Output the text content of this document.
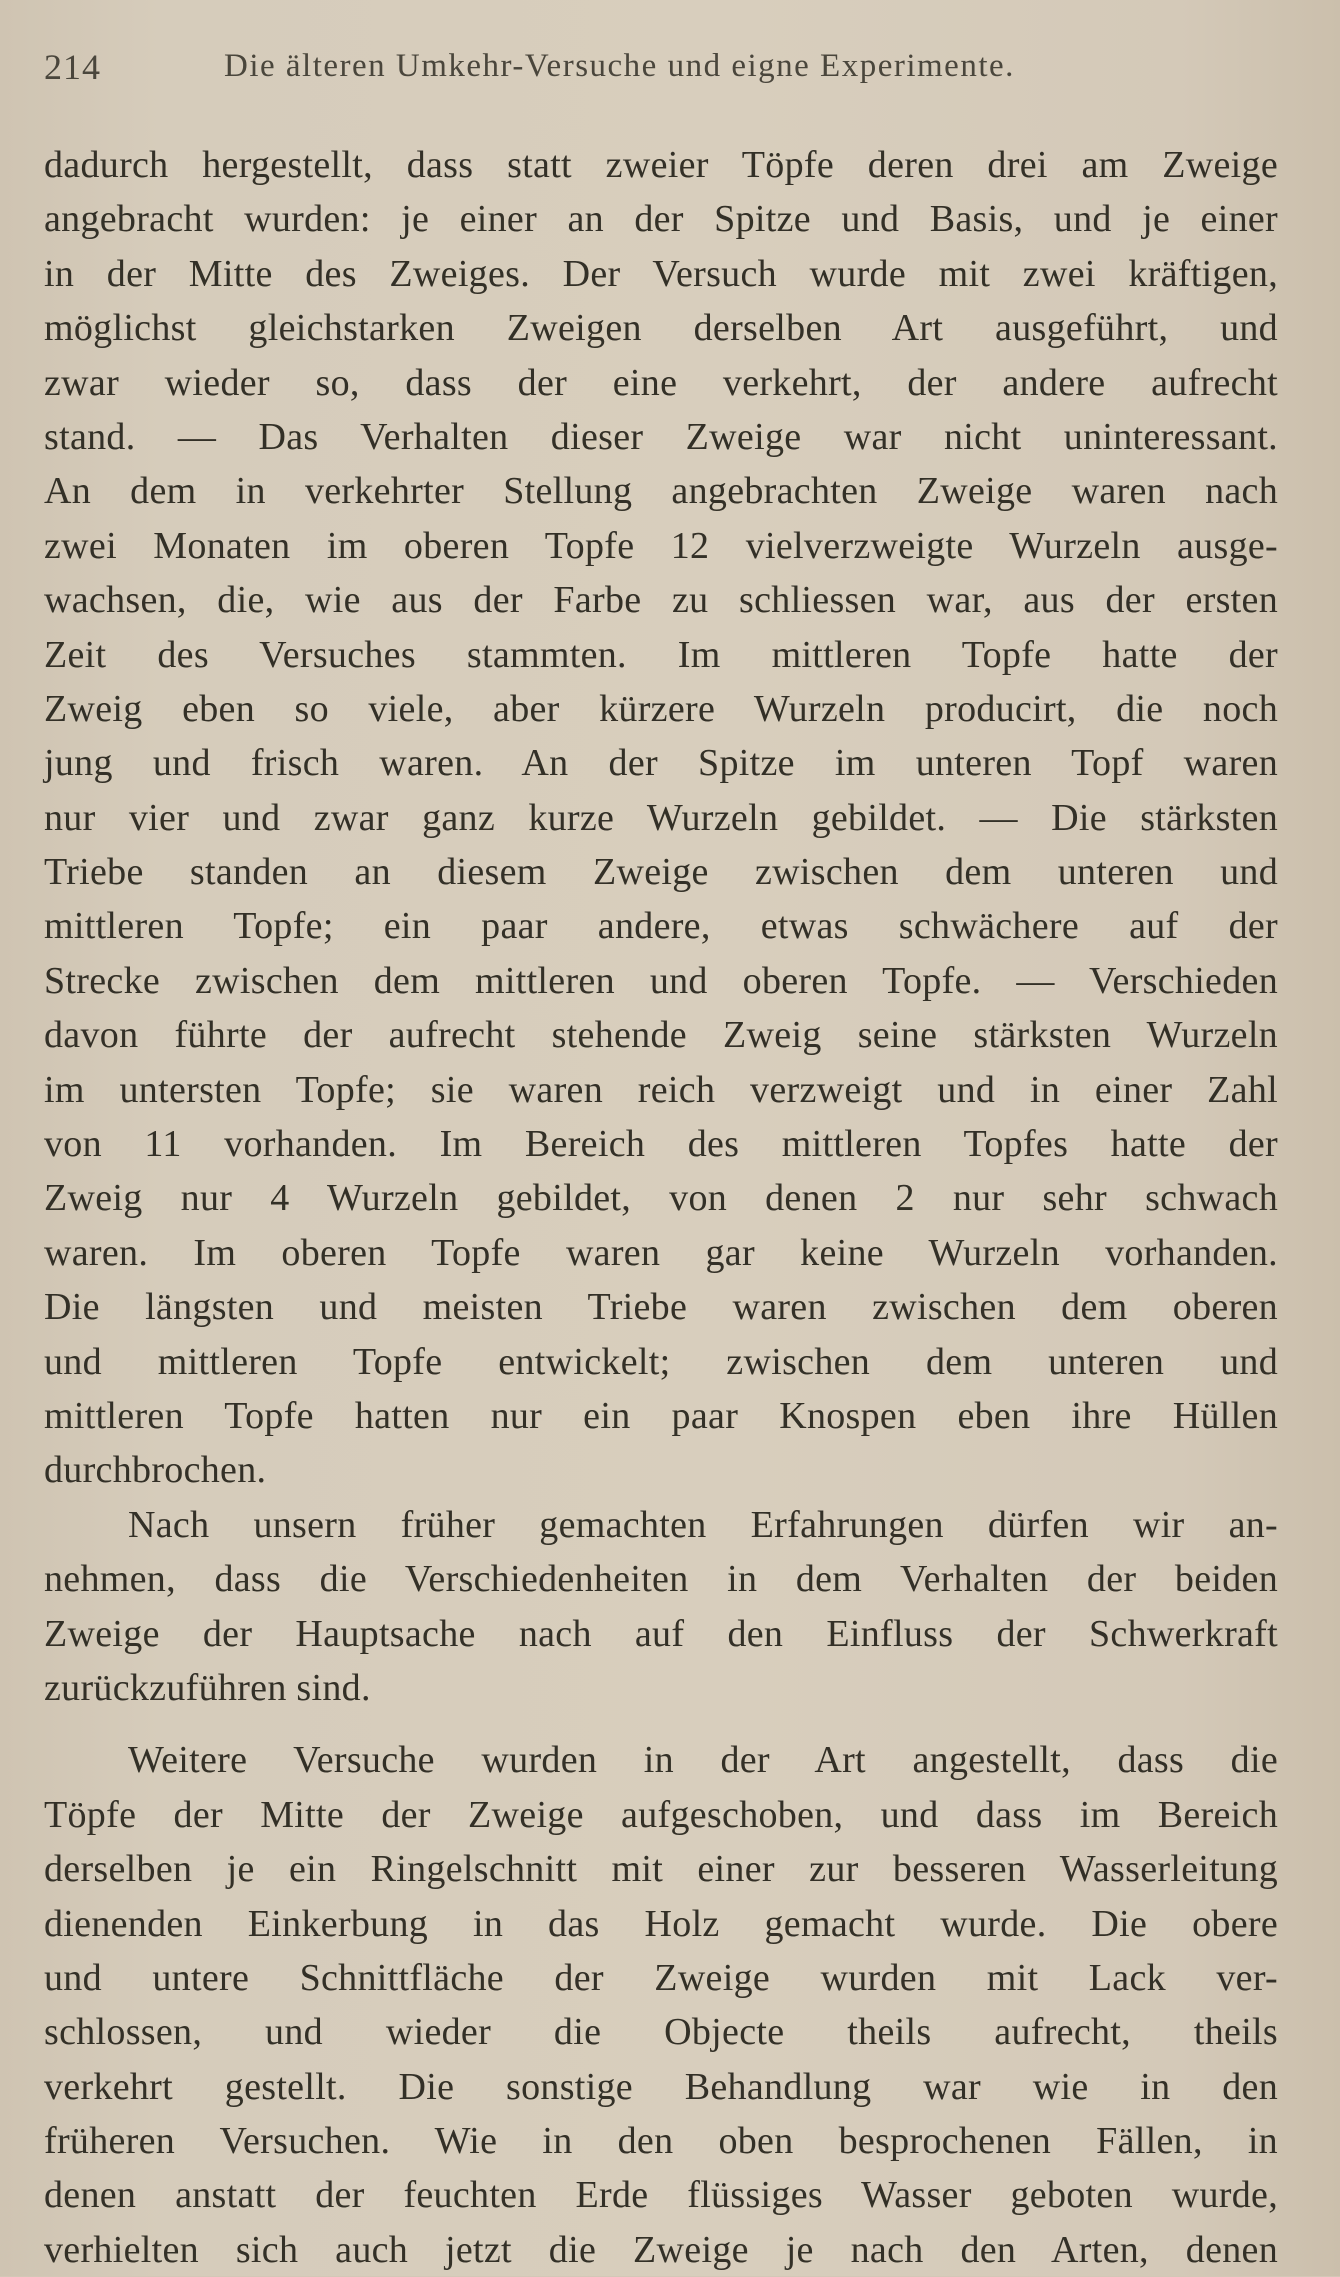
214	Die älteren Umkehr-Versuche und eigne Experimente.
dadurch hergestellt, dass statt zweier Töpfe deren drei am Zweige
angebracht wurden: je einer an der Spitze und Basis, und je einer
in der Mitte des Zweiges. Der Versuch wurde mit zwei kräftigen,
möglichst gleichstarken Zweigen derselben Art ausgeführt, und
zwar wieder so, dass der eine verkehrt, der andere aufrecht
stand. — Das Verhalten dieser Zweige war nicht uninteressant.
An dem in verkehrter Stellung angebrachten Zweige waren nach
zwei Monaten im oberen Topfe 12 vielverzweigte Wurzeln ausge-
wachsen, die, wie aus der Farbe zu schliessen war, aus der ersten
Zeit des Versuches stammten. Im mittleren Topfe hatte der
Zweig eben so viele, aber kürzere Wurzeln producirt, die noch
jung und frisch waren. An der Spitze im unteren Topf waren
nur vier und zwar ganz kurze Wurzeln gebildet. — Die stärksten
Triebe standen an diesem Zweige zwischen dem unteren und
mittleren Topfe; ein paar andere, etwas schwächere auf der
Strecke zwischen dem mittleren und oberen Topfe. — Verschieden
davon führte der aufrecht stehende Zweig seine stärksten Wurzeln
im untersten Topfe; sie waren reich verzweigt und in einer Zahl
von 11 vorhanden. Im Bereich des mittleren Topfes hatte der
Zweig nur 4 Wurzeln gebildet, von denen 2 nur sehr schwach
waren. Im oberen Topfe waren gar keine Wurzeln vorhanden.
Die längsten und meisten Triebe waren zwischen dem oberen
und mittleren Topfe entwickelt; zwischen dem unteren und
mittleren Topfe hatten nur ein paar Knospen eben ihre Hüllen
durchbrochen.
Nach unsern früher gemachten Erfahrungen dürfen wir an-
nehmen, dass die Verschiedenheiten in dem Verhalten der beiden
Zweige der Hauptsache nach auf den Einfluss der Schwerkraft
zurückzuführen sind.
Weitere Versuche wurden in der Art angestellt, dass die
Töpfe der Mitte der Zweige aufgeschoben, und dass im Bereich
derselben je ein Ringelschnitt mit einer zur besseren Wasserleitung
dienenden Einkerbung in das Holz gemacht wurde. Die obere
und untere Schnittfläche der Zweige wurden mit Lack ver-
schlossen, und wieder die Objecte theils aufrecht, theils
verkehrt gestellt. Die sonstige Behandlung war wie in den
früheren Versuchen. Wie in den oben besprochenen Fällen, in
denen anstatt der feuchten Erde flüssiges Wasser geboten wurde,
verhielten sich auch jetzt die Zweige je nach den Arten, denen
